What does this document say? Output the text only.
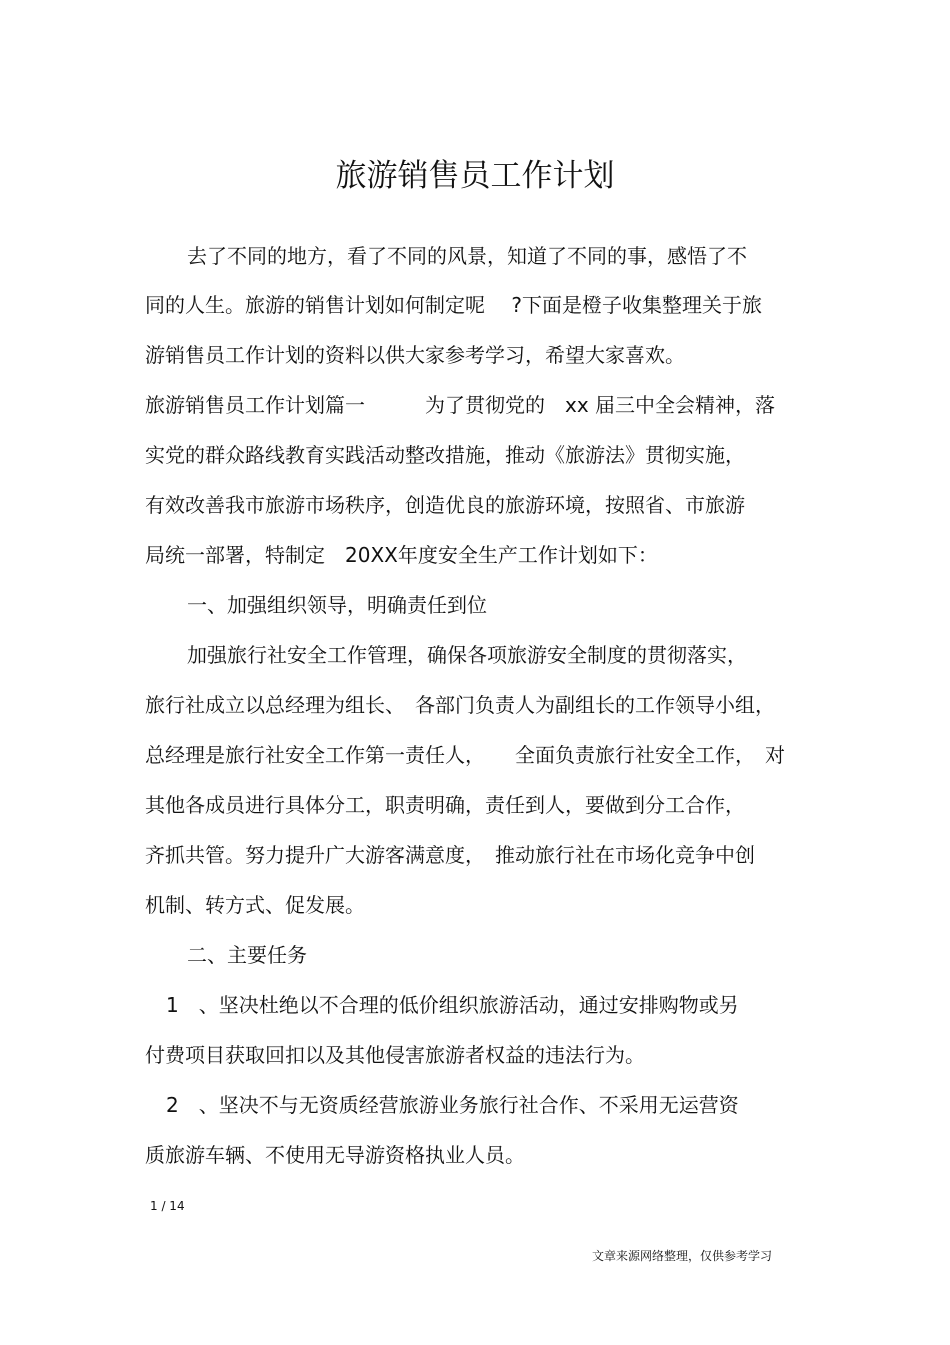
旅游销售员工作计划
去了不同的地方，看了不同的风景，知道了不同的事，感悟了不
同的人生。旅游的销售计划如何制定呢　 ?下面是橙子收集整理关于旅
游销售员工作计划的资料以供大家参考学习，希望大家喜欢。
旅游销售员工作计划篇一　　　为了贯彻党的　xx 届三中全会精神，落
实党的群众路线教育实践活动整改措施，推动《旅游法》贯彻实施，
有效改善我市旅游市场秩序，创造优良的旅游环境，按照省、市旅游
局统一部署，特制定　20XX年度安全生产工作计划如下：
一、加强组织领导，明确责任到位
加强旅行社安全工作管理，确保各项旅游安全制度的贯彻落实，
旅行社成立以总经理为组长、　各部门负责人为副组长的工作领导小组，
总经理是旅行社安全工作第一责任人，　　全面负责旅行社安全工作，　对
其他各成员进行具体分工，职责明确，责任到人，要做到分工合作，
齐抓共管。努力提升广大游客满意度，　推动旅行社在市场化竞争中创
机制、转方式、促发展。
二、主要任务
1　、坚决杜绝以不合理的低价组织旅游活动，通过安排购物或另
付费项目获取回扣以及其他侵害旅游者权益的违法行为。
2　、坚决不与无资质经营旅游业务旅行社合作、不采用无运营资
质旅游车辆、不使用无导游资格执业人员。
1 / 14
文章来源网络整理，仅供参考学习
